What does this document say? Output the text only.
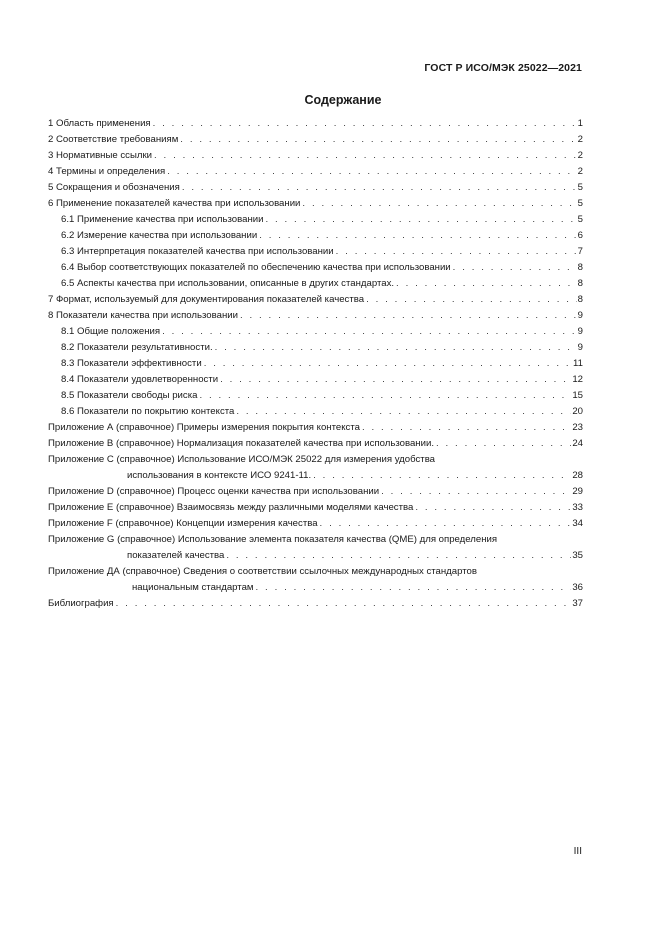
ГОСТ Р ИСО/МЭК 25022—2021
Содержание
1 Область применения . . .	1
2 Соответствие требованиям . . .	2
3 Нормативные ссылки . . .	2
4 Термины и определения . . .	2
5 Сокращения и обозначения . . .	5
6 Применение показателей качества при использовании . . .	5
6.1 Применение качества при использовании . . .	5
6.2 Измерение качества при использовании . . .	6
6.3 Интерпретация показателей качества при использовании . . .	7
6.4 Выбор соответствующих показателей по обеспечению качества при использовании . . .	8
6.5 Аспекты качества при использовании, описанные в других стандартах. . . .	8
7 Формат, используемый для документирования показателей качества . . .	8
8 Показатели качества при использовании . . .	9
8.1 Общие положения . . .	9
8.2 Показатели результативности. . . .	9
8.3 Показатели эффективности . . .	11
8.4 Показатели удовлетворенности . . .	12
8.5 Показатели свободы риска . . .	15
8.6 Показатели по покрытию контекста . . .	20
Приложение А (справочное) Примеры измерения покрытия контекста . . .	23
Приложение В (справочное) Нормализация показателей качества при использовании. . . .	24
Приложение С (справочное) Использование ИСО/МЭК 25022 для измерения удобства
использования в контексте ИСО 9241-11. . . .	28
Приложение D (справочное) Процесс оценки качества при использовании . . .	29
Приложение Е (справочное) Взаимосвязь между различными моделями качества . . .	33
Приложение F (справочное) Концепции измерения качества . . .	34
Приложение G (справочное) Использование элемента показателя качества (QME) для определения
показателей качества . . .	35
Приложение ДА (справочное) Сведения о соответствии ссылочных международных стандартов
национальным стандартам . . .	36
Библиография . . .	37
III
